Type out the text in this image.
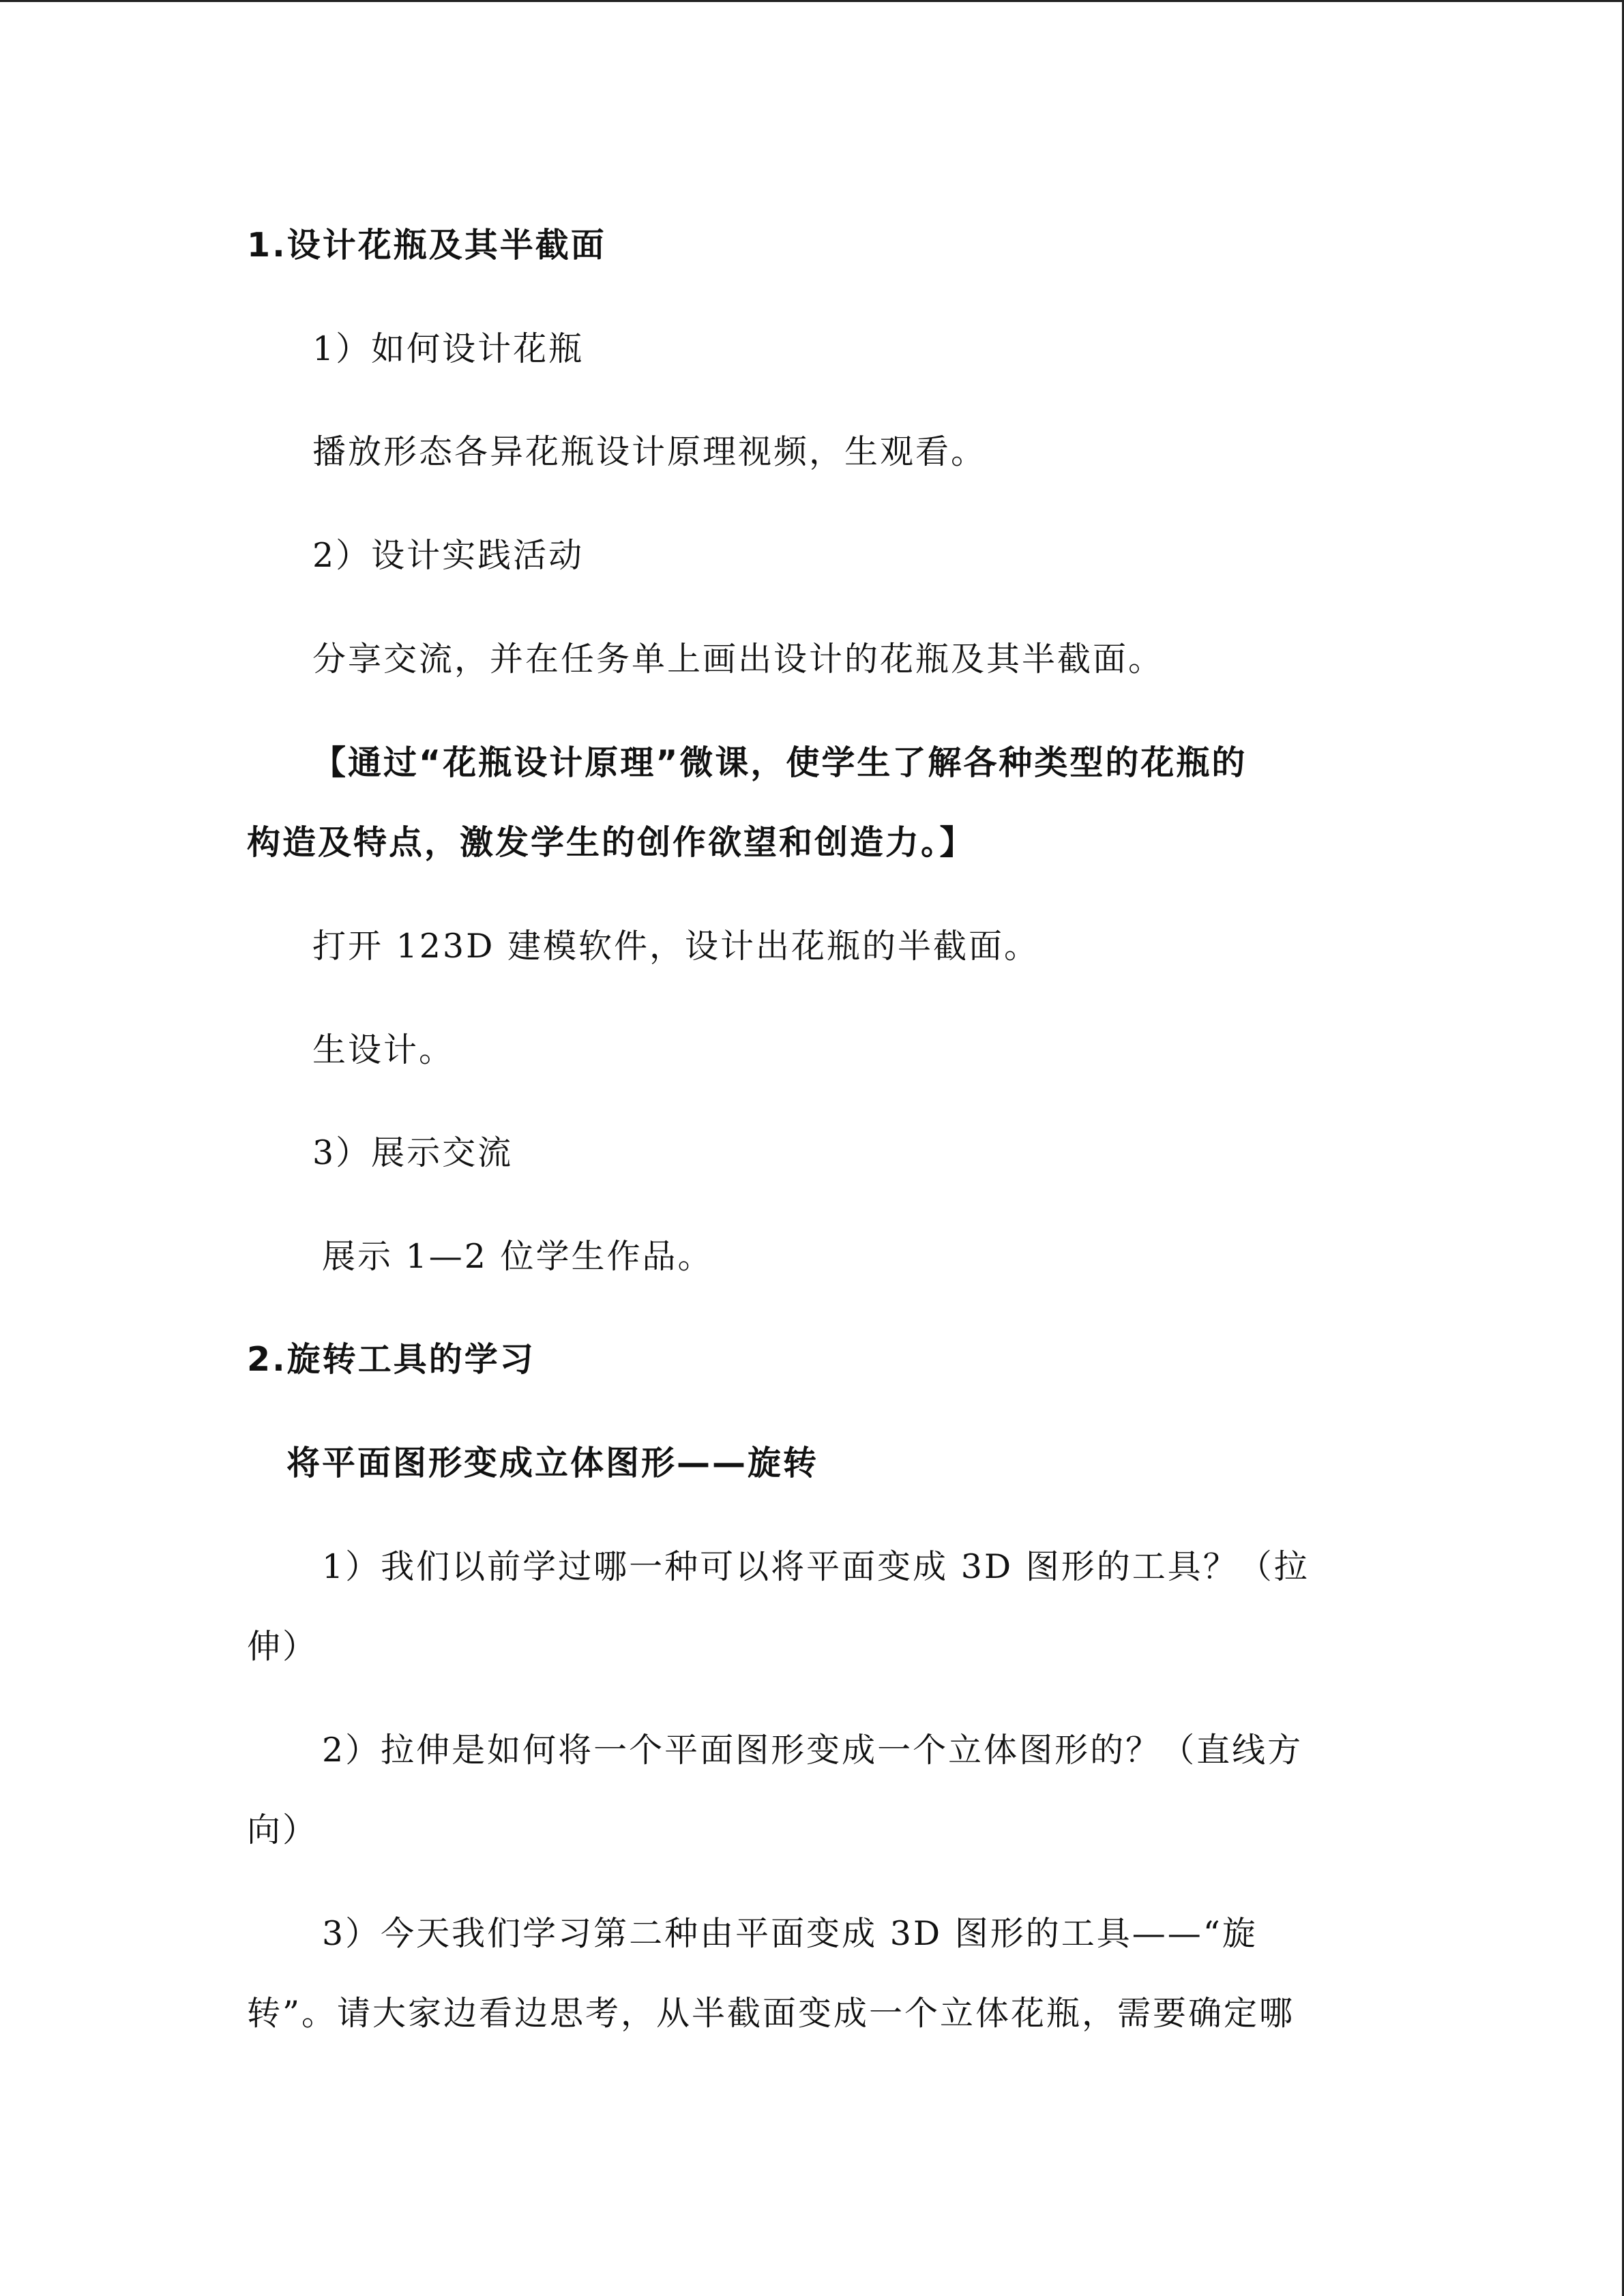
1.设计花瓶及其半截面
1）如何设计花瓶
播放形态各异花瓶设计原理视频，生观看。
2）设计实践活动
分享交流，并在任务单上画出设计的花瓶及其半截面。
【通过“花瓶设计原理”微课，使学生了解各种类型的花瓶的
构造及特点，激发学生的创作欲望和创造力。】
打开 123D 建模软件，设计出花瓶的半截面。
生设计。
3）展示交流
展示 1—2 位学生作品。
2.旋转工具的学习
将平面图形变成立体图形——旋转
1）我们以前学过哪一种可以将平面变成 3D 图形的工具？（拉
伸）
2）拉伸是如何将一个平面图形变成一个立体图形的？（直线方
向）
3）今天我们学习第二种由平面变成 3D 图形的工具——“旋
转”。请大家边看边思考，从半截面变成一个立体花瓶，需要确定哪
